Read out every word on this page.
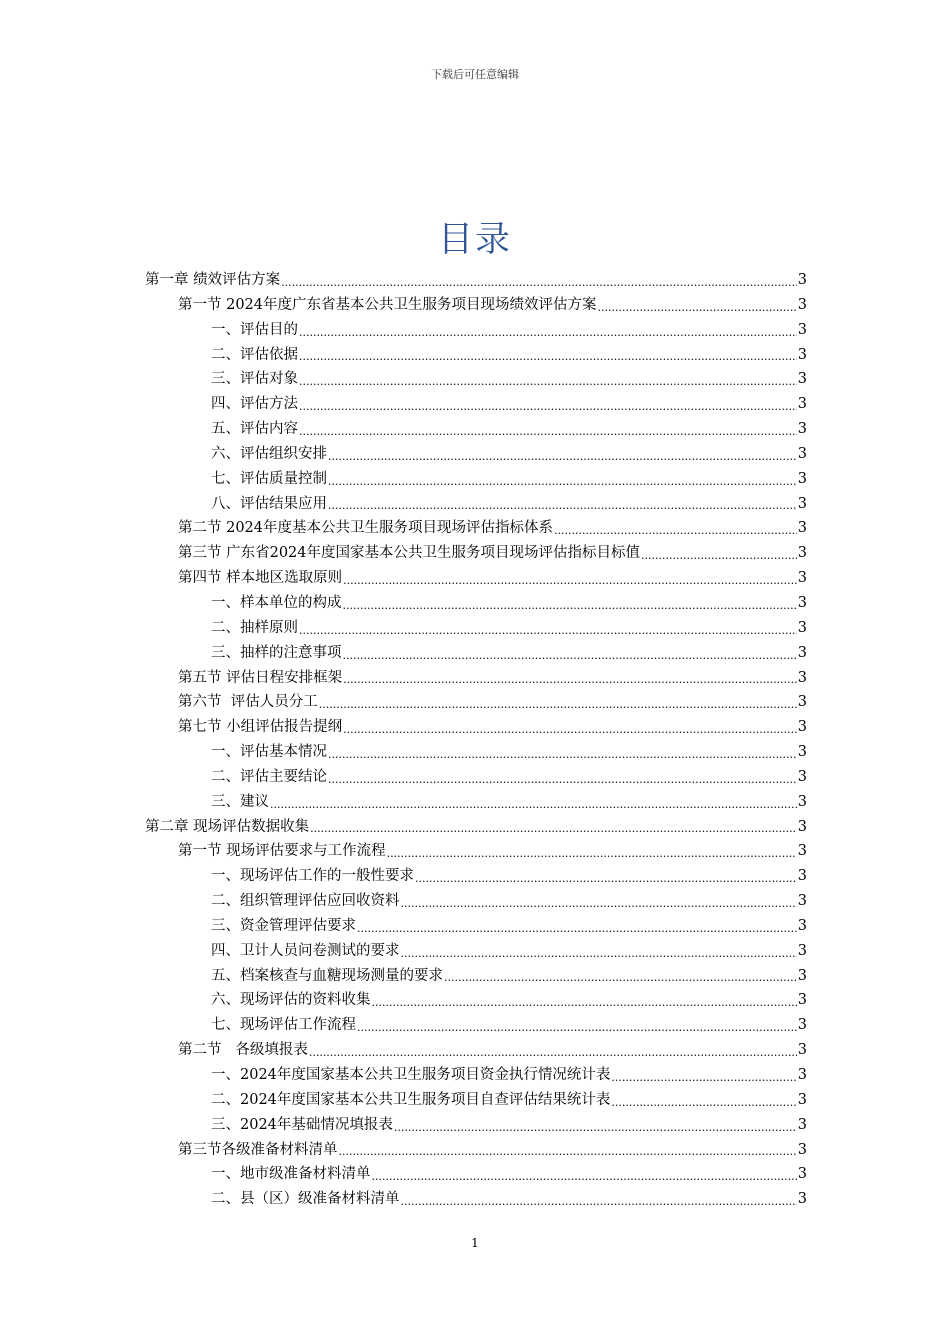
下载后可任意编辑
目录
第一章 绩效评估方案 .....	3
第一节 2024年度广东省基本公共卫生服务项目现场绩效评估方案 .....	3
一、评估目的 .....	3
二、评估依据 .....	3
三、评估对象 .....	3
四、评估方法 .....	3
五、评估内容 .....	3
六、评估组织安排 .....	3
七、评估质量控制 .....	3
八、评估结果应用 .....	3
第二节 2024年度基本公共卫生服务项目现场评估指标体系 .....	3
第三节 广东省2024年度国家基本公共卫生服务项目现场评估指标目标值 .....	3
第四节 样本地区选取原则 .....	3
一、样本单位的构成 .....	3
二、抽样原则 .....	3
三、抽样的注意事项 .....	3
第五节 评估日程安排框架 .....	3
第六节  评估人员分工 .....	3
第七节 小组评估报告提纲 .....	3
一、评估基本情况 .....	3
二、评估主要结论 .....	3
三、建议 .....	3
第二章 现场评估数据收集 .....	3
第一节 现场评估要求与工作流程 .....	3
一、现场评估工作的一般性要求 .....	3
二、组织管理评估应回收资料 .....	3
三、资金管理评估要求 .....	3
四、卫计人员问卷测试的要求 .....	3
五、档案核查与血糖现场测量的要求 .....	3
六、现场评估的资料收集 .....	3
七、现场评估工作流程 .....	3
第二节   各级填报表 .....	3
一、2024年度国家基本公共卫生服务项目资金执行情况统计表 .....	3
二、2024年度国家基本公共卫生服务项目自查评估结果统计表 .....	3
三、2024年基础情况填报表 .....	3
第三节各级准备材料清单 .....	3
一、地市级准备材料清单 .....	3
二、县（区）级准备材料清单 .....	3
1
